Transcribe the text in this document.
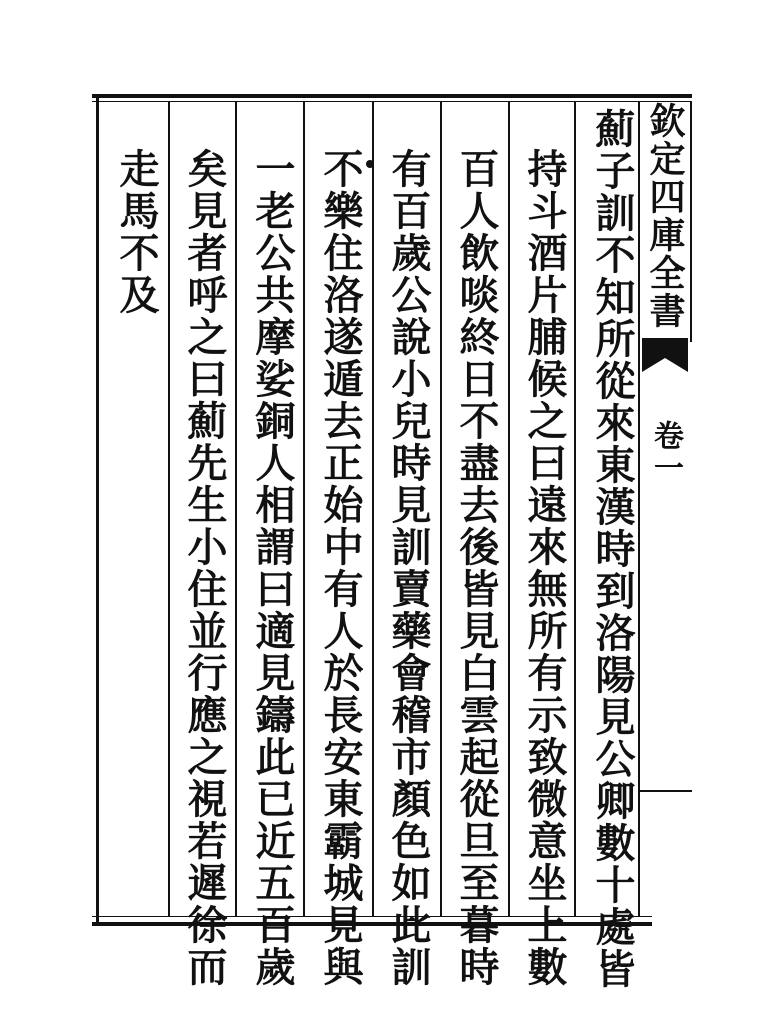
欽定四庫全書
卷一
薊子訓不知所從來東漢時到洛陽見公卿數十處皆
持斗酒片脯候之曰遠來無所有示致微意坐上數
百人飲啖終日不盡去後皆見白雲起從旦至暮時
有百歲公說小兒時見訓賣藥會稽市顏色如此訓
不樂住洛遂遁去正始中有人於長安東霸城見與
一老公共摩娑銅人相謂曰適見鑄此已近五百歲
矣見者呼之曰薊先生小住並行應之視若遲徐而
走馬不及
